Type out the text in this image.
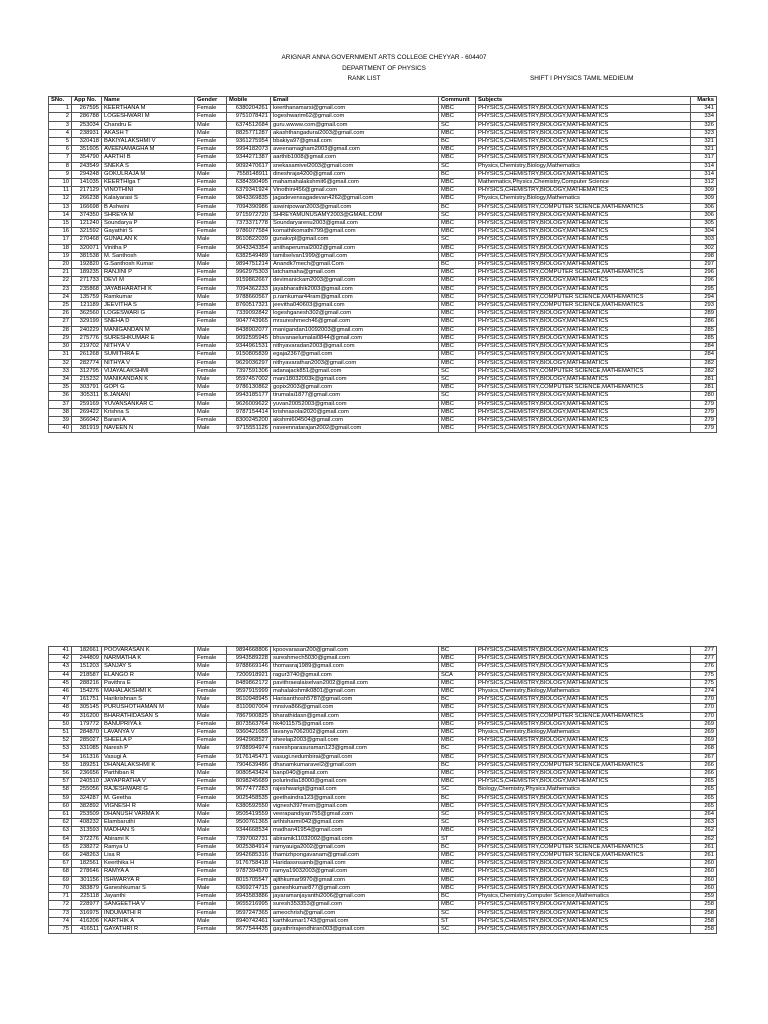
ARIGNAR ANNA GOVERNMENT ARTS COLLEGE CHEYYAR - 604407
DEPARTMENT OF PHYSICS
RANK LIST	SHIFT I PHYSICS TAMIL MEDIEUM
SNo.	App No.	Name	Gender	Mobile	Email	Communit	Subjects	Marks
1	267595	KEERTHANA M	Female	6380204261	keerthanamarsi@gmail.com	MBC	PHYSICS,CHEMISTRY,BIOLOGY,MATHEMATICS	341
2	286788	LOGESHWARI M	Female	9751078421	logeshwarim62@gmail.com	MBC	PHYSICS,CHEMISTRY,BIOLOGY,MATHEMATICS	334
3	253034	Chandru E	Male	6374512684	guru.wwww.com@gmail.com	SC	PHYSICS,CHEMISTRY,BIOLOGY,MATHEMATICS	326
4	238931	AKASH T	Male	8825771287	akashthangadurai2003@gmail.com	MBC	PHYSICS,CHEMISTRY,BIOLOGY,MATHEMATICS	323
5	320418	BAKIYALAKSHMI V	Female	9361275954	bbakiya97@gmail.com	BC	PHYSICS,CHEMISTRY,BIOLOGY,MATHEMATICS	321
6	351605	AVEENAMAGHA M	Female	9994182073	aveenamagham2003@gmail.com	MBC	PHYSICS,CHEMISTRY,BIOLOGY,MATHEMATICS	321
7	354790	AARTHI B	Female	9344271387	aarthib1008@gmail.com	MBC	PHYSICS,CHEMISTRY,BIOLOGY,MATHEMATICS	317
8	243549	SNEKA S	Female	9092470617	snekasamivel2003@gmail.com	SC	Physics,Chemistry,Biology,Mathematics	314
9	294248	GOKULRAJA M	Male	7558148911	dineshraja4200@gmail.com	BC	PHYSICS,CHEMISTRY,BIOLOGY,MATHEMATICS	314
10	141035	KEERTHIga T	Female	6384390495	mahamahalakshmit6@gmail.com	MBC	Mathematics,Physics,Chemistry,Computer Science	312
11	217129	VINOTHINI	Female	6379341924	Vinothini456@gmail.com	MBC	PHYSICS,CHEMISTRY,BIOLOGY,MATHEMATICS	309
12	266238	Kalaiyarasi S	Female	9843369835	jagadevensagadevan4262@gmail.com	MBC	Physics,Chemistry,Biology,Mathematics	309
13	166698	B Ashwini	Female	7094390986	aswinipowan2003@gmail.com	BC	PHYSICS,CHEMISTRY,COMPUTER SCIENCE,MATHEMATICS	306
14	374350	SHREYA M	Female	9715972720	SHREYAMUNUSAMY2003@GMAIL.COM	SC	PHYSICS,CHEMISTRY,BIOLOGY,MATHEMATICS	306
15	121240	Soundarya P	Female	7373371778	Soundaryarenu2003@gmail.com	MBC	PHYSICS,CHEMISTRY,BIOLOGY,MATHEMATICS	305
16	321592	Gayathiri S	Female	9786077584	komathikomathi799@gmail.com	MBC	PHYSICS,CHEMISTRY,BIOLOGY,MATHEMATICS	304
17	270468	GUNALAN K	Male	8610822039	gunakvpl@gmail.com	SC	PHYSICS,CHEMISTRY,BIOLOGY,MATHEMATICS	303
18	320071	Vinitha P	Female	9043343354	anithaperumal2002@gmail.com	MBC	PHYSICS,CHEMISTRY,BIOLOGY,MATHEMATICS	302
19	381538	M. Santhosh	Male	6382549489	tamilselvan1999@gmail.com	MBC	PHYSICS,CHEMISTRY,BIOLOGY,MATHEMATICS	298
20	192820	G.Santhosh Kumar	Male	9894751214	Anandk7mech@gmail.Com	BC	PHYSICS,CHEMISTRY,BIOLOGY,MATHEMATICS	297
21	189235	RANJINI P	Female	9962975303	latchamaha@gmail.com	MBC	PHYSICS,CHEMISTRY,COMPUTER SCIENCE,MATHEMATICS	296
22	271733	DEVI M	Female	9159862667	devimanickam2003@gmail.com	MBC	PHYSICS,CHEMISTRY,BIOLOGY,MATHEMATICS	296
23	235868	JAYABHARATHI K	Female	7094362233	jayabharathik2003@gmail.com	MBC	PHYSICS,CHEMISTRY,BIOLOGY,MATHEMATICS	295
24	135759	Ramkumar	Male	9788660567	p.ramkumar44ram@gmail.com	MBC	PHYSICS,CHEMISTRY,COMPUTER SCIENCE,MATHEMATICS	294
25	121189	JEEVITHA S	Female	8760517321	jeevitha040603@gmail.com	MBC	PHYSICS,CHEMISTRY,COMPUTER SCIENCE,MATHEMATICS	293
26	362560	LOGESWARI G	Female	7339092842	logeshganesh302@gmail.com	MBC	PHYSICS,CHEMISTRY,BIOLOGY,MATHEMATICS	289
27	329199	SNEHA D	Female	9047743965	mrsureshmech46@gmail.com	MBC	PHYSICS,CHEMISTRY,BIOLOGY,MATHEMATICS	286
28	240229	MANIGANDAN M	Male	8438902077	manigandan10092003@gmail.com	MBC	PHYSICS,CHEMISTRY,BIOLOGY,MATHEMATICS	285
29	275776	SURESHKUMAR E	Male	9092595945	bhuvanaelumalai0844@gmail.com	MBC	PHYSICS,CHEMISTRY,BIOLOGY,MATHEMATICS	285
30	219702	NITHYA V	Female	9344961531	nithyavaradan2003@gmail.com	MBC	PHYSICS,CHEMISTRY,BIOLOGY,MATHEMATICS	284
31	261268	SUMITHRA E	Female	9150805839	egaja2367@gmail.com	MBC	PHYSICS,CHEMISTRY,BIOLOGY,MATHEMATICS	284
32	282774	NITHYA V	Female	9629036297	nithyavarathan2003@gmail.com	MBC	PHYSICS,CHEMISTRY,BIOLOGY,MATHEMATICS	282
33	312795	VIJAYALAKSHMI	Female	7397591306	adanajack851@gmail.com	SC	PHYSICS,CHEMISTRY,COMPUTER SCIENCE,MATHEMATICS	282
34	215232	MANIKANDAN K	Male	9597457002	mani18032003k@gmail.com	SC	PHYSICS,CHEMISTRY,BIOLOGY,MATHEMATICS	281
35	303791	GOPI G	Male	9786130862	gopix2003@gmail.com	MBC	PHYSICS,CHEMISTRY,COMPUTER SCIENCE,MATHEMATICS	281
36	305311	B.JANANI	Female	9943185177	tirumalai1877@gmail.com	SC	PHYSICS,CHEMISTRY,BIOLOGY,MATHEMATICS	280
37	259169	YUVANSANKAR C	Male	9626009622	yuvan20052003@gmail.com	MBC	PHYSICS,CHEMISTRY,BIOLOGY,MATHEMATICS	279
38	269422	Krishna S	Male	9787154414	krishnasolai2020@gmail.com	MBC	PHYSICS,CHEMISTRY,BIOLOGY,MATHEMATICS	279
39	366042	Barani A	Female	8300245200	akshmi604504@gmail.com	MBC	PHYSICS,CHEMISTRY,BIOLOGY,MATHEMATICS	279
40	381919	NAVEEN N	Male	9715551126	naveennatarajan2002@gmail.com	MBC	PHYSICS,CHEMISTRY,BIOLOGY,MATHEMATICS	279
41	182661	POOVARASAN K	Male	9894668806	kpoovarasan200@gmail.com	BC	PHYSICS,CHEMISTRY,BIOLOGY,MATHEMATICS	277
42	244809	NARMATHA K	Female	9943589228	sureshmech5030@gmail.com	MBC	PHYSICS,CHEMISTRY,BIOLOGY,MATHEMATICS	277
43	151203	SANJAY S	Male	9788669146	thomasraj1989@gmail.com	MBC	PHYSICS,CHEMISTRY,BIOLOGY,MATHEMATICS	276
44	218587	ELANGO R	Male	7200918921	ragur3740@gmail.com	SCA	PHYSICS,CHEMISTRY,BIOLOGY,MATHEMATICS	275
45	288216	Pavithra E	Female	8489862172	pavithraealaiselvan2002@gmail.com	MBC	PHYSICS,CHEMISTRY,BIOLOGY,MATHEMATICS	275
46	154276	MAHALAKSHMI K	Female	9597915999	mahalakshmik0801@gmail.com	MBC	Physics,Chemistry,Biology,Mathematics	274
47	161751	Harikrishnan S	Male	8610948945	Harisanthosh5787@gmail.com	BC	PHYSICS,CHEMISTRY,BIOLOGY,MATHEMATICS	270
48	305145	PURUSHOTHAMAN M	Male	8110907004	mnsiva866@gmail.com	MBC	PHYSICS,CHEMISTRY,BIOLOGY,MATHEMATICS	270
49	316200	BHARATHIDASAN S	Male	7867900825	bharathidasn@gmail.com	MBC	PHYSICS,CHEMISTRY,COMPUTER SCIENCE,MATHEMATICS	270
50	179772	BANUPRIYA.k	Female	8073563764	hk4011575@gmail.com	MBC	PHYSICS,CHEMISTRY,BIOLOGY,MATHEMATICS	269
51	284870	LAVANYA V	Female	9360421055	lavanya7062002@gmail.com	MBC	Physics,Chemistry,Biology,Mathematics	269
52	285027	SHEELA P	Female	9942968527	sheelap2003@gmail.com	MBC	PHYSICS,CHEMISTRY,BIOLOGY,MATHEMATICS	269
53	331085	Naresh P	Male	9788994974	nareshparasuraman123@gmail.com	BC	PHYSICS,CHEMISTRY,BIOLOGY,MATHEMATICS	268
54	161316	Vasugi A	Female	9176145471	vasugi.nedumbirai@gmail.com	MBC	PHYSICS,CHEMISTRY,BIOLOGY,MATHEMATICS	267
55	189251	DHANALAKSHMI K	Female	7904639486	dhanamkumaravel2@gmail.com	BC	PHYSICS,CHEMISTRY,COMPUTER SCIENCE,MATHEMATICS	266
56	236656	Parthiban R	Male	9080543424	banp040@gmail.com	MBC	PHYSICS,CHEMISTRY,BIOLOGY,MATHEMATICS	266
57	240510	JAYAPRATHA V	Female	8098245689	polurindia18000@gmail.com	MBC	PHYSICS,CHEMISTRY,BIOLOGY,MATHEMATICS	265
58	255056	RAJESHWARI G	Female	9677477283	rajeshwarigt@gmail.com	SC	Biology,Chemistry,Physics,Mathematics	265
59	324287	M. Geetha	Female	9025458535	geethaindra123@gmail.com	BC	PHYSICS,CHEMISTRY,BIOLOGY,MATHEMATICS	265
60	382892	VIGNESH R	Male	6380592550	vignesh397mvm@gmail.com	MBC	PHYSICS,CHEMISTRY,BIOLOGY,MATHEMATICS	265
61	253509	DHANUSH VARMA K	Male	9505419559	veerapandiyan755@gmail.com	SC	PHYSICS,CHEMISTRY,BIOLOGY,MATHEMATICS	264
62	408232	Elambaruthi	Male	9500761365	arthisharmi042@gmail.com	SC	PHYSICS,CHEMISTRY,BIOLOGY,MATHEMATICS	263
63	313593	MADHAN S	Male	9344668534	madhan41954@gmail.com	MBC	PHYSICS,CHEMISTRY,BIOLOGY,MATHEMATICS	262
64	372276	Abirami K	Female	7397002731	abiramik11032002@gmail.com	ST	PHYSICS,CHEMISTRY,BIOLOGY,MATHEMATICS	262
65	238272	Ramya U	Female	9025384914	ramyauiga2002@gmail.com	BC	PHYSICS,CHEMISTRY,COMPUTER SCIENCE,MATHEMATICS	261
66	248263	Lisa R	Female	9942685316	thamizhpongavanam@gmail.com	MBC	PHYSICS,CHEMISTRY,COMPUTER SCIENCE,MATHEMATICS	261
67	182561	Keerthika H	Female	9176758418	Haridassnsamb@gmail.com	MBC	PHYSICS,CHEMISTRY,BIOLOGY,MATHEMATICS	260
68	278646	RAMYA A	Female	9787394570	ramya19032003@gmail.com	MBC	PHYSICS,CHEMISTRY,BIOLOGY,MATHEMATICS	260
69	301156	ISHWARYA R	Female	8015705547	ajithkumar9970@gmail.com	MBC	PHYSICS,CHEMISTRY,BIOLOGY,MATHEMATICS	260
70	383879	Ganeshkumar S	Male	6369274715	ganeshkumar877@gmail.com	MBC	PHYSICS,CHEMISTRY,BIOLOGY,MATHEMATICS	260
71	225118	Jayanthi	Female	9943583886	jayaramanjayanthi2006@gmail.com	BC	Physics,Chemistry,Computer Science,Mathematics	259
72	228977	SANGEETHA V	Female	9655216995	suresh353353@gmail.com	MBC	PHYSICS,CHEMISTRY,BIOLOGY,MATHEMATICS	258
73	316975	INDUMATHI R	Female	9597247365	ameochrish@gmail.com	SC	PHYSICS,CHEMISTRY,BIOLOGY,MATHEMATICS	258
74	416206	KARTHIK A	Male	8940742461	karthikumar1743@gmail.com	ST	PHYSICS,CHEMISTRY,BIOLOGY,MATHEMATICS	258
75	416511	GAYATHRI R	Female	9677544435	gayathrirajendhiran003@gmail.com	SC	PHYSICS,CHEMISTRY,BIOLOGY,MATHEMATICS	258
